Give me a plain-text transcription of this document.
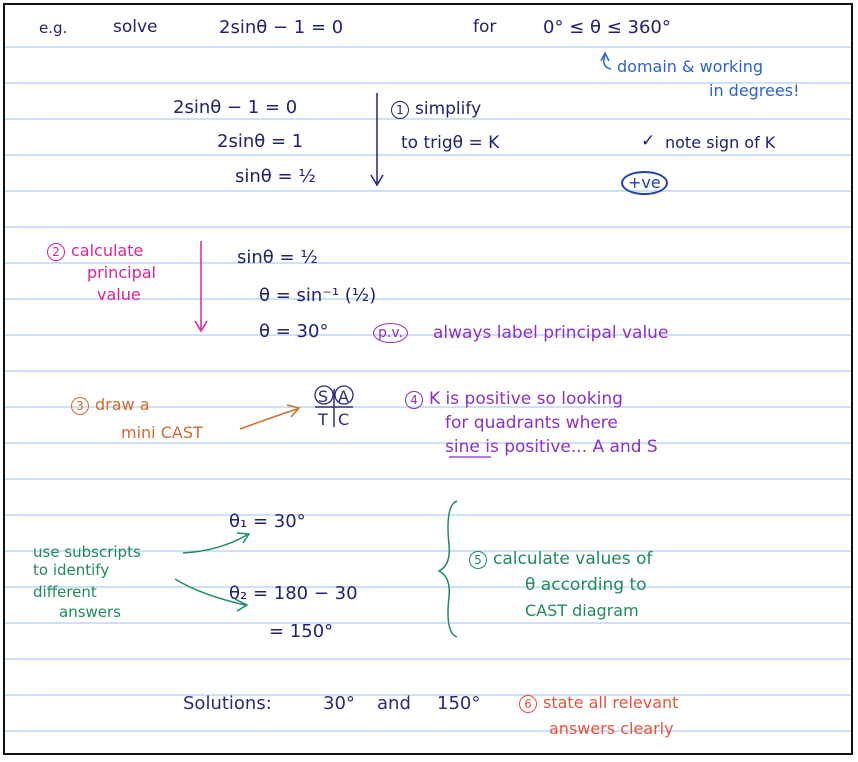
e.g.	solve	2sinθ − 1 = 0	for	0° ≤ θ ≤ 360°
domain & working
in degrees!
2sinθ − 1 = 0
2sinθ = 1
sinθ = ½
1 simplify
to trigθ = K	✓ note sign of K
+ve
2 calculate
principal
value
sinθ = ½
θ = sin⁻¹ (½)
θ = 30°	p.v. always label principal value
3 draw a
mini CAST
S A
T C
4 K is positive so looking
for quadrants where
sine is positive... A and S
θ₁ = 30°
θ₂ = 180 − 30
= 150°
use subscripts
to identify
different
answers
5 calculate values of
θ according to
CAST diagram
Solutions:	30° and 150°	6 state all relevant
answers clearly
